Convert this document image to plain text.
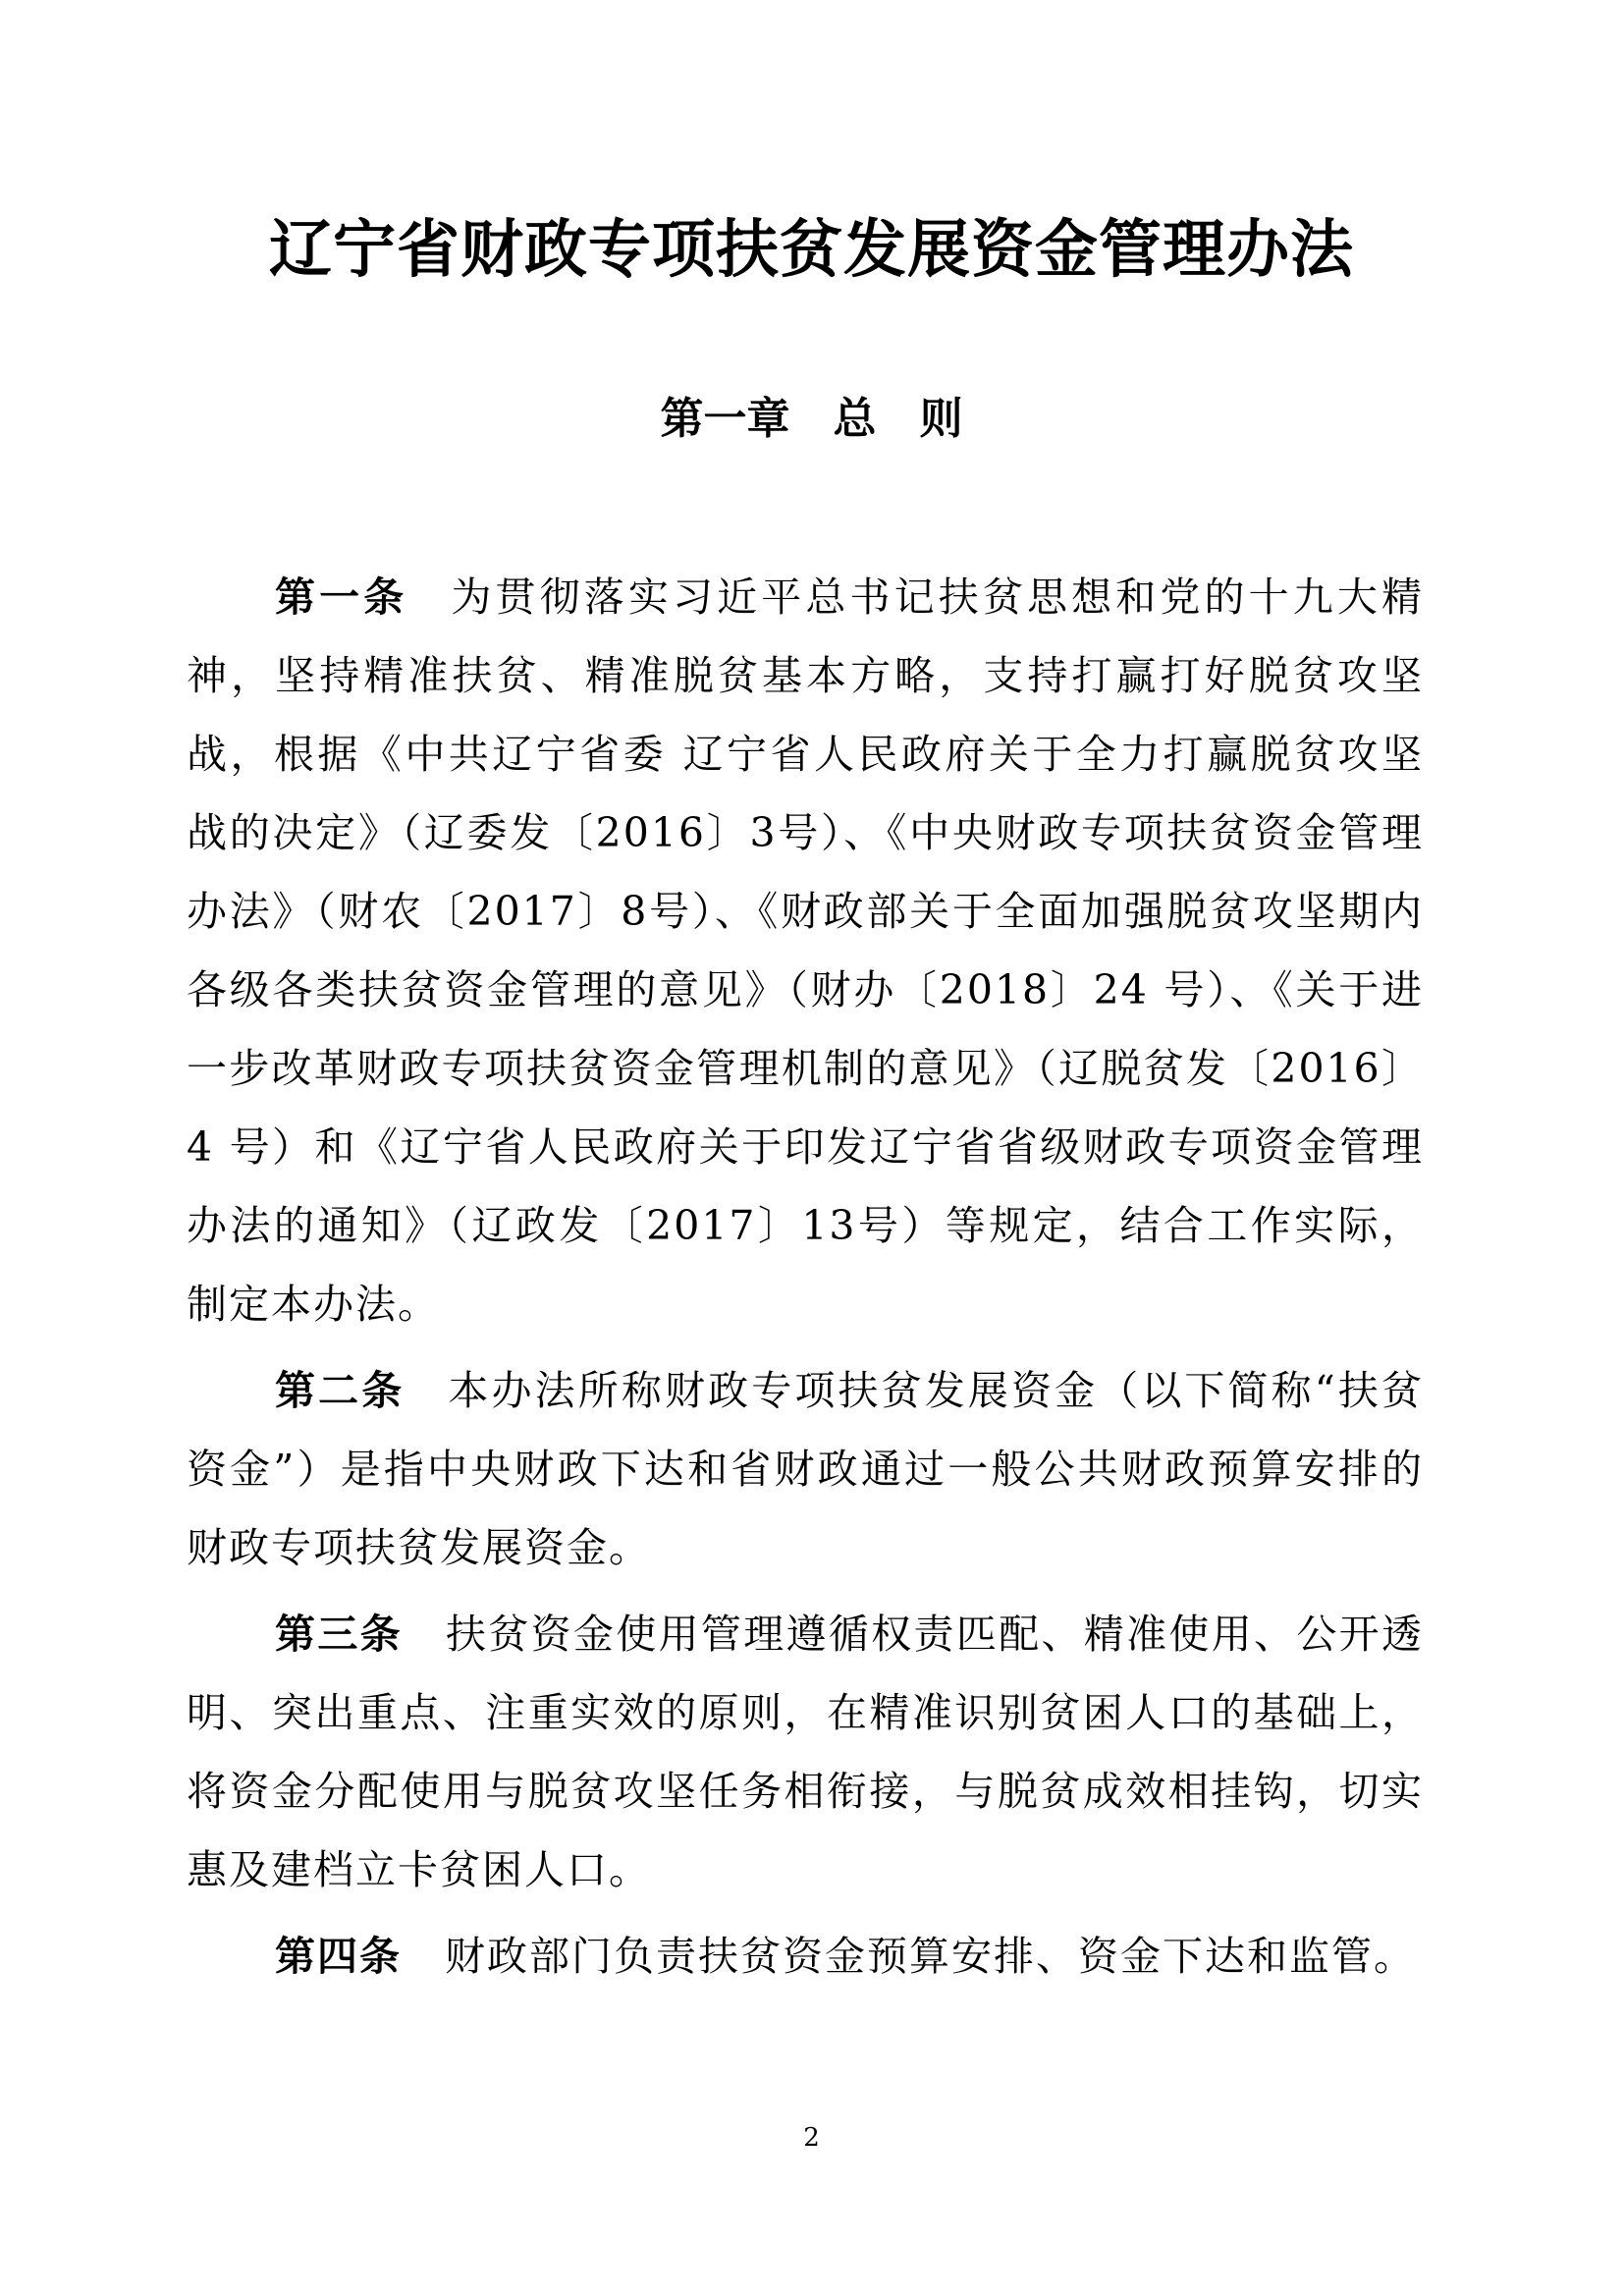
辽宁省财政专项扶贫发展资金管理办法
第一章　总　则

第一条 为贯彻落实习近平总书记扶贫思想和党的十九大精神，坚持精准扶贫、精准脱贫基本方略，支持打赢打好脱贫攻坚战，根据《中共辽宁省委 辽宁省人民政府关于全力打赢脱贫攻坚战的决定》（辽委发〔2016〕3号）、《中央财政专项扶贫资金管理办法》（财农〔2017〕8号）、《财政部关于全面加强脱贫攻坚期内各级各类扶贫资金管理的意见》（财办〔2018〕24 号）、《关于进一步改革财政专项扶贫资金管理机制的意见》（辽脱贫发〔2016〕4 号）和《辽宁省人民政府关于印发辽宁省省级财政专项资金管理办法的通知》（辽政发〔2017〕13号）等规定，结合工作实际，制定本办法。

第二条 本办法所称财政专项扶贫发展资金（以下简称“扶贫资金”）是指中央财政下达和省财政通过一般公共财政预算安排的财政专项扶贫发展资金。

第三条 扶贫资金使用管理遵循权责匹配、精准使用、公开透明、突出重点、注重实效的原则，在精准识别贫困人口的基础上，将资金分配使用与脱贫攻坚任务相衔接，与脱贫成效相挂钩，切实惠及建档立卡贫困人口。

第四条 财政部门负责扶贫资金预算安排、资金下达和监管。

2
